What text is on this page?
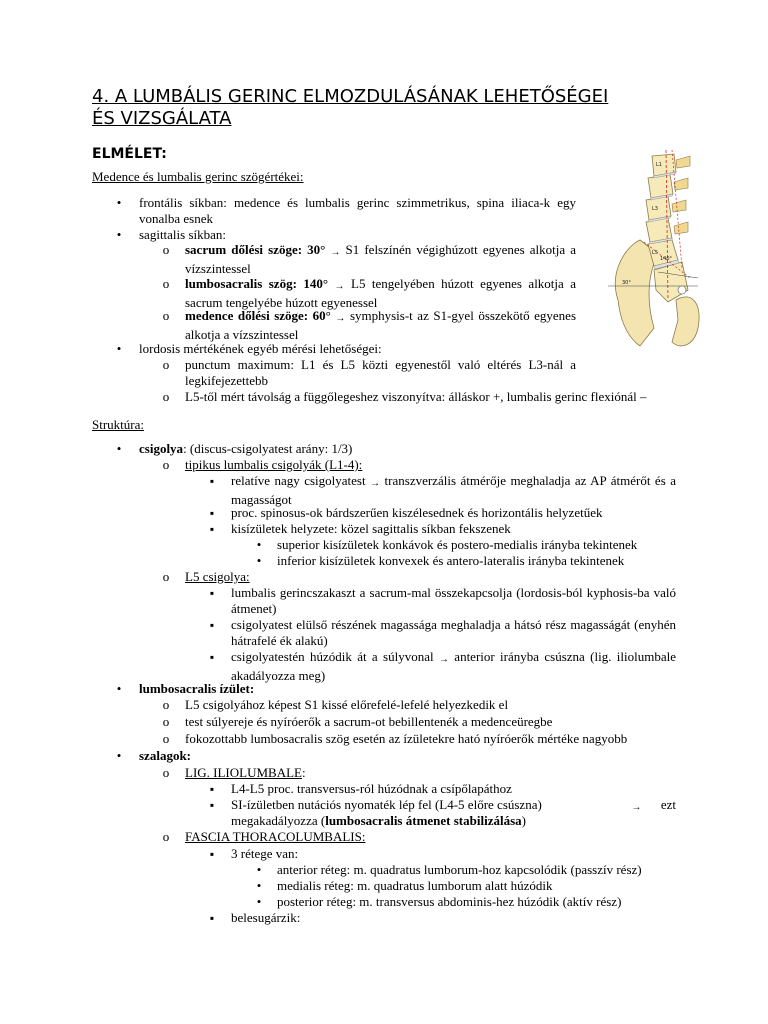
4. A LUMBÁLIS GERINC ELMOZDULÁSÁNAK LEHETŐSÉGEI
ÉS VIZSGÁLATA
ELMÉLET:
Medence és lumbalis gerinc szögértékei:
•
frontális síkban: medence és lumbalis gerinc szimmetrikus, spina iliaca-k egy vonalba esnek
•
sagittalis síkban:
o
sacrum dőlési szöge: 30° → S1 felszínén végighúzott egyenes alkotja a vízszintessel
o
lumbosacralis szög: 140° → L5 tengelyében húzott egyenes alkotja a sacrum tengelyébe húzott egyenessel
o
medence dőlési szöge: 60° → symphysis-t az S1-gyel összekötő egyenes alkotja a vízszintessel
•
lordosis mértékének egyéb mérési lehetőségei:
o
punctum maximum: L1 és L5 közti egyenestől való eltérés L3-nál a legkifejezettebb
o
L5-től mért távolság a függőlegeshez viszonyítva: álláskor +, lumbalis gerinc flexiónál –
L1
L3
L5
140°
30°
Struktúra:
•
csigolya: (discus-csigolyatest arány: 1/3)
o
tipikus lumbalis csigolyák (L1-4):
▪
relatíve nagy csigolyatest → transzverzális átmérője meghaladja az AP átmérőt és a magasságot
▪
proc. spinosus-ok bárdszerűen kiszélesednek és horizontális helyzetűek
▪
kisízületek helyzete: közel sagittalis síkban fekszenek
•
superior kisízületek konkávok és postero-medialis irányba tekintenek
•
inferior kisízületek konvexek és antero-lateralis irányba tekintenek
o
L5 csigolya:
▪
lumbalis gerincszakaszt a sacrum-mal összekapcsolja (lordosis-ból kyphosis-ba való átmenet)
▪
csigolyatest elülső részének magassága meghaladja a hátsó rész magasságát (enyhén hátrafelé ék alakú)
▪
csigolyatestén húzódik át a súlyvonal → anterior irányba csúszna (lig. iliolumbale akadályozza meg)
•
lumbosacralis ízület:
o
L5 csigolyához képest S1 kissé előrefelé-lefelé helyezkedik el
o
test súlyereje és nyíróerők a sacrum-ot bebillentenék a medenceüregbe
o
fokozottabb lumbosacralis szög esetén az ízületekre ható nyíróerők mértéke nagyobb
•
szalagok:
o
LIG. ILIOLUMBALE:
▪
L4-L5 proc. transversus-ról húzódnak a csípőlapáthoz
▪
SI-ízületben nutációs nyomaték lép fel (L4-5 előre csúszna)	→ ezt
megakadályozza (lumbosacralis átmenet stabilizálása)
o
FASCIA THORACOLUMBALIS:
▪
3 rétege van:
•
anterior réteg: m. quadratus lumborum-hoz kapcsolódik (passzív rész)
•
medialis réteg: m. quadratus lumborum alatt húzódik
•
posterior réteg: m. transversus abdominis-hez húzódik (aktív rész)
▪
belesugárzik:
